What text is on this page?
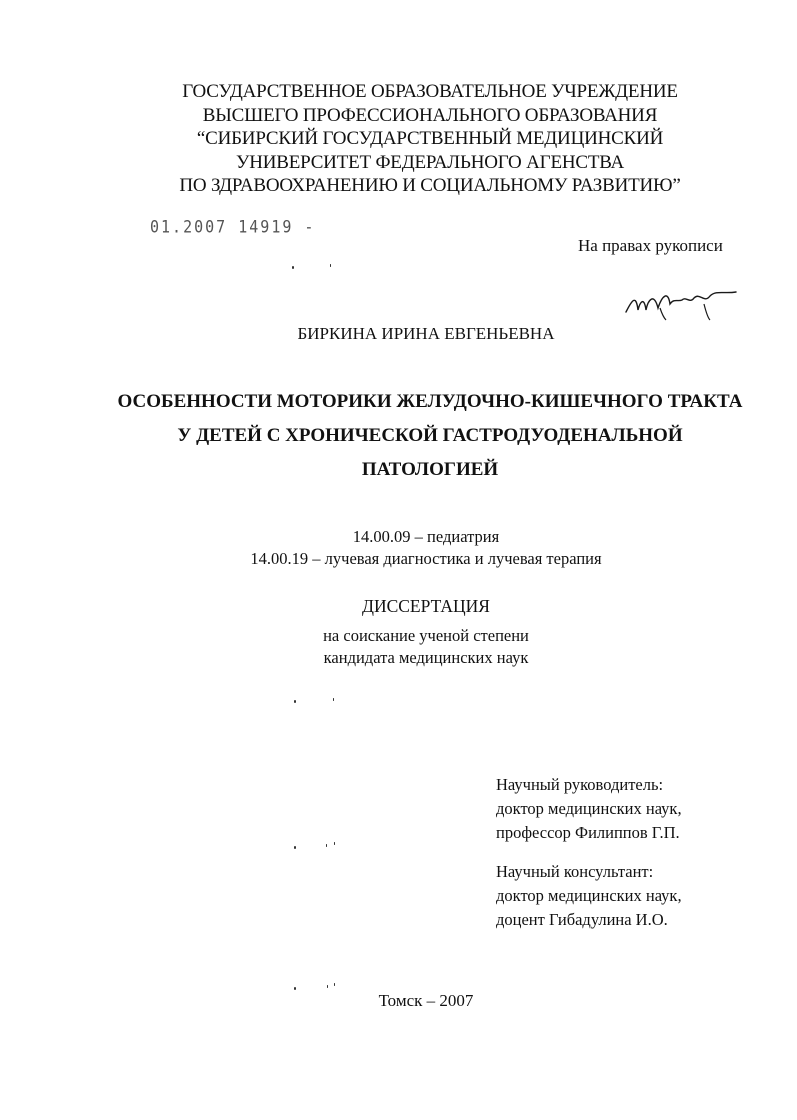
ГОСУДАРСТВЕННОЕ ОБРАЗОВАТЕЛЬНОЕ УЧРЕЖДЕНИЕ
ВЫСШЕГО ПРОФЕССИОНАЛЬНОГО ОБРАЗОВАНИЯ
“СИБИРСКИЙ ГОСУДАРСТВЕННЫЙ МЕДИЦИНСКИЙ
УНИВЕРСИТЕТ ФЕДЕРАЛЬНОГО АГЕНСТВА
ПО ЗДРАВООХРАНЕНИЮ И СОЦИАЛЬНОМУ РАЗВИТИЮ”
01.2007 14919 -
На правах рукописи
БИРКИНА ИРИНА ЕВГЕНЬЕВНА
ОСОБЕННОСТИ МОТОРИКИ ЖЕЛУДОЧНО-КИШЕЧНОГО ТРАКТА
У ДЕТЕЙ С ХРОНИЧЕСКОЙ ГАСТРОДУОДЕНАЛЬНОЙ
ПАТОЛОГИЕЙ
14.00.09 – педиатрия
14.00.19 – лучевая диагностика и лучевая терапия
ДИССЕРТАЦИЯ
на соискание ученой степени
кандидата медицинских наук
Научный руководитель:
доктор медицинских наук,
профессор Филиппов Г.П.
Научный консультант:
доктор медицинских наук,
доцент Гибадулина И.О.
Томск – 2007
